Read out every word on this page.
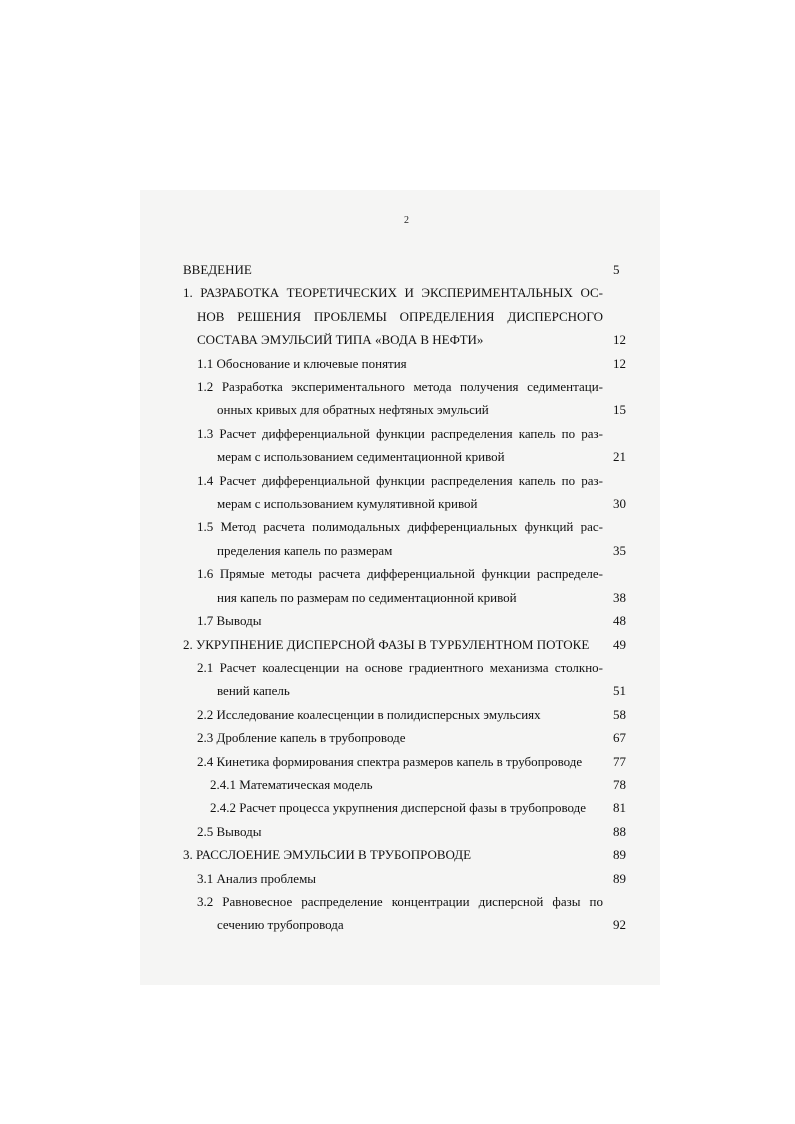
2
ВВЕДЕНИЕ	5
1. РАЗРАБОТКА ТЕОРЕТИЧЕСКИХ И ЭКСПЕРИМЕНТАЛЬНЫХ ОС-
НОВ РЕШЕНИЯ ПРОБЛЕМЫ ОПРЕДЕЛЕНИЯ ДИСПЕРСНОГО
СОСТАВА ЭМУЛЬСИЙ ТИПА «ВОДА В НЕФТИ»	12
1.1 Обоснование и ключевые понятия	12
1.2 Разработка экспериментального метода получения седиментаци-
онных кривых для обратных нефтяных эмульсий	15
1.3 Расчет дифференциальной функции распределения капель по раз-
мерам с использованием седиментационной кривой	21
1.4 Расчет дифференциальной функции распределения капель по раз-
мерам с использованием кумулятивной кривой	30
1.5 Метод расчета полимодальных дифференциальных функций рас-
пределения капель по размерам	35
1.6 Прямые методы расчета дифференциальной функции распределе-
ния капель по размерам по седиментационной кривой	38
1.7 Выводы	48
2. УКРУПНЕНИЕ ДИСПЕРСНОЙ ФАЗЫ В ТУРБУЛЕНТНОМ ПОТОКЕ	49
2.1 Расчет коалесценции на основе градиентного механизма столкно-
вений капель	51
2.2 Исследование коалесценции в полидисперсных эмульсиях	58
2.3 Дробление капель в трубопроводе	67
2.4 Кинетика формирования спектра размеров капель в трубопроводе	77
2.4.1 Математическая модель	78
2.4.2 Расчет процесса укрупнения дисперсной фазы в трубопроводе	81
2.5 Выводы	88
3. РАССЛОЕНИЕ ЭМУЛЬСИИ В ТРУБОПРОВОДЕ	89
3.1 Анализ проблемы	89
3.2 Равновесное распределение концентрации дисперсной фазы по
сечению трубопровода	92
